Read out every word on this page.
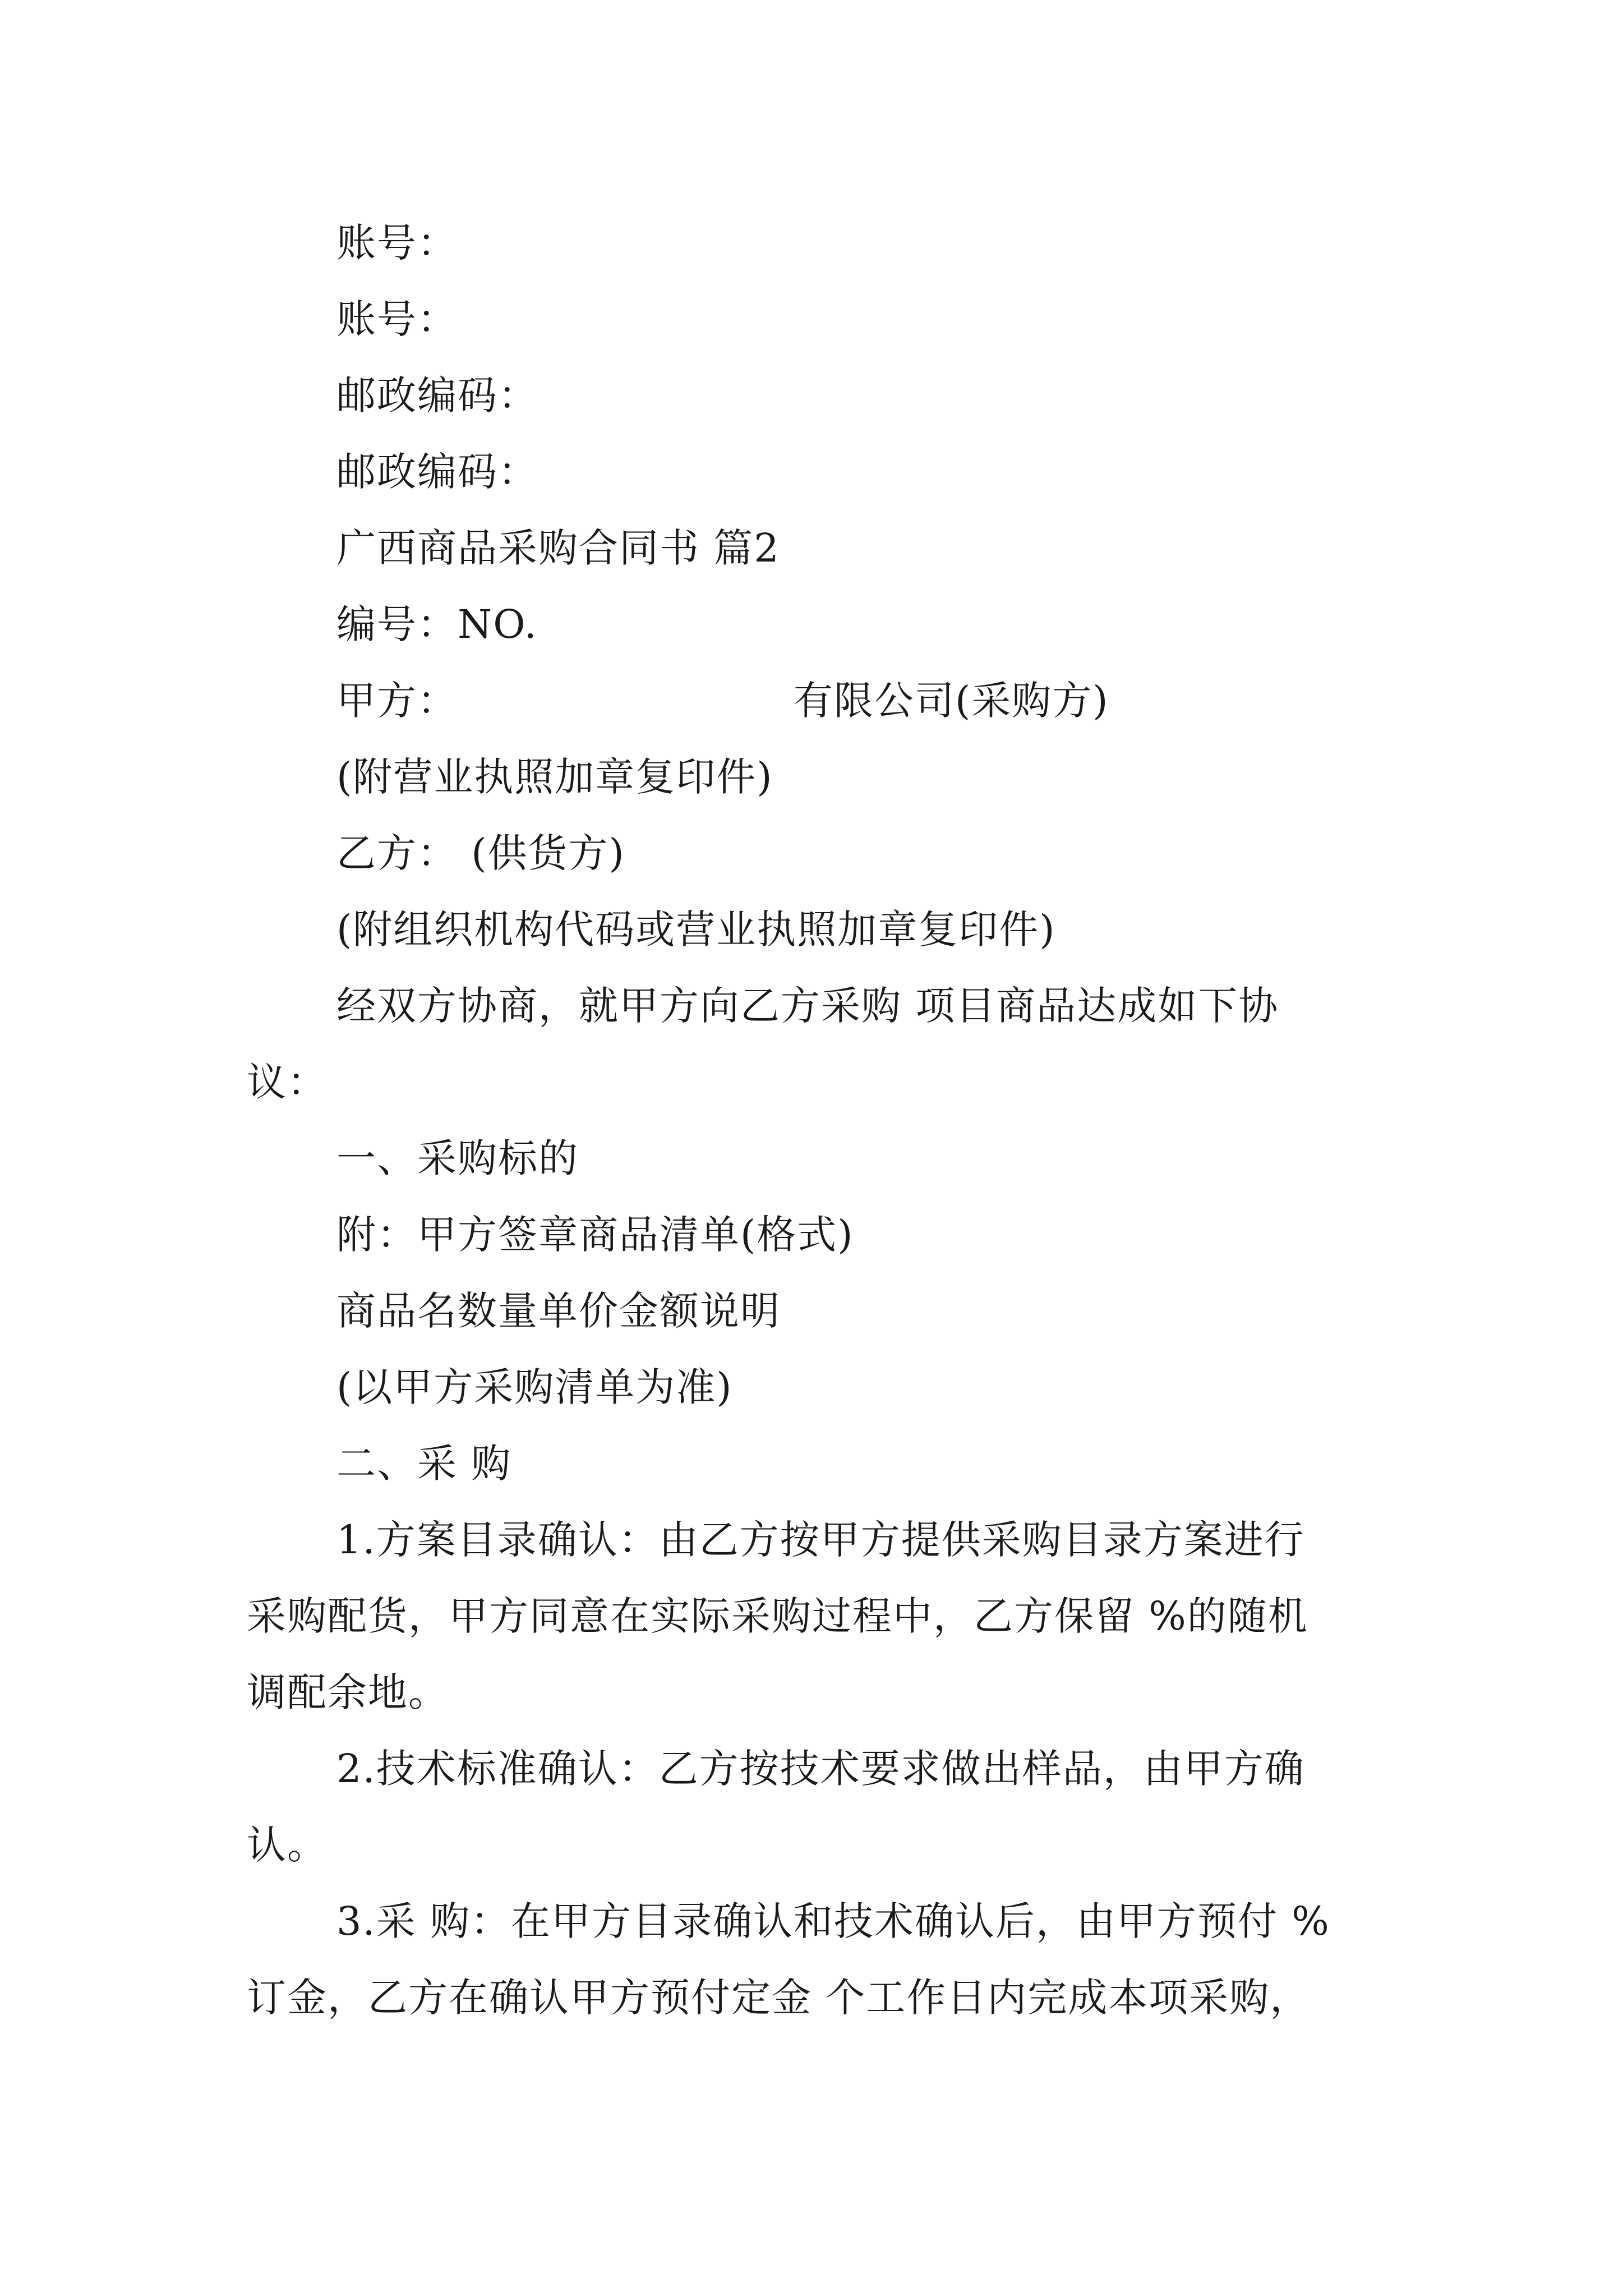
账号：
账号：
邮政编码：
邮政编码：
广西商品采购合同书 篇2
编号：NO.
甲方：	有限公司(采购方)
(附营业执照加章复印件)
乙方： (供货方)
(附组织机构代码或营业执照加章复印件)
经双方协商，就甲方向乙方采购 项目商品达成如下协
议：
一、采购标的
附：甲方签章商品清单(格式)
商品名数量单价金额说明
(以甲方采购清单为准)
二、采 购
1.方案目录确认：由乙方按甲方提供采购目录方案进行
采购配货，甲方同意在实际采购过程中，乙方保留 %的随机
调配余地。
2.技术标准确认：乙方按技术要求做出样品，由甲方确
认。
3.采 购：在甲方目录确认和技术确认后，由甲方预付 %
订金，乙方在确认甲方预付定金 个工作日内完成本项采购，
